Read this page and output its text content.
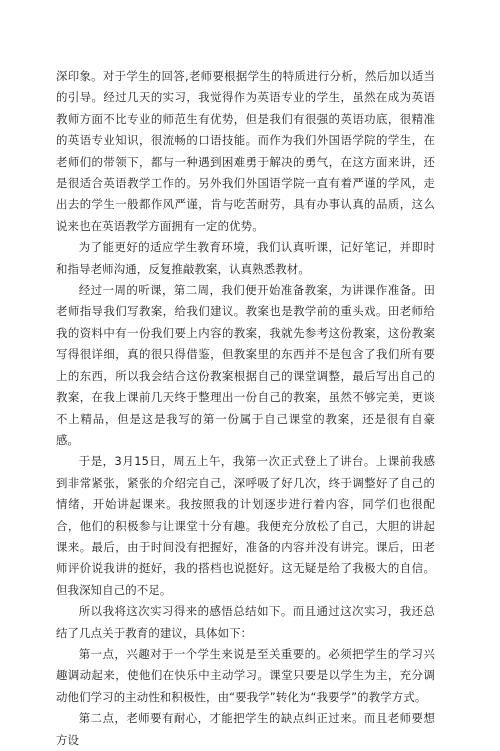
深印象。对于学生的回答,老师要根据学生的特质进行分析，然后加以适当的引导。经过几天的实习，我觉得作为英语专业的学生，虽然在成为英语教师方面不比专业的师范生有优势，但是我们有很强的英语功底，很精准的英语专业知识，很流畅的口语技能。而作为我们外国语学院的学生，在老师们的带领下，都与一种遇到困难勇于解决的勇气，在这方面来讲，还是很适合英语教学工作的。另外我们外国语学院一直有着严谨的学风，走出去的学生一般都作风严谨，肯与吃苦耐劳，具有办事认真的品质，这么说来也在英语教学方面拥有一定的优势。

为了能更好的适应学生教育环境，我们认真听课，记好笔记，并即时和指导老师沟通，反复推敲教案，认真熟悉教材。

经过一周的听课，第二周，我们便开始准备教案，为讲课作准备。田老师指导我们写教案，给我们建议。教案也是教学前的重头戏。田老师给我的资料中有一份我们要上内容的教案，我就先参考这份教案，这份教案写得很详细，真的很只得借鉴，但教案里的东西并不是包含了我们所有要上的东西，所以我会结合这份教案根据自己的课堂调整，最后写出自己的教案，在我上课前几天终于整理出一份自己的教案，虽然不够完美，更谈不上精品，但是这是我写的第一份属于自己课堂的教案，还是很有自豪感。

于是，3月15日，周五上午，我第一次正式登上了讲台。上课前我感到非常紧张，紧张的介绍完自己，深呼吸了好几次，终于调整好了自己的情绪，开始讲起课来。我按照我的计划逐步进行着内容，同学们也很配合，他们的积极参与让课堂十分有趣。我便充分放松了自己，大胆的讲起课来。最后，由于时间没有把握好，准备的内容并没有讲完。课后，田老师评价说我讲的挺好，我的搭档也说挺好。这无疑是给了我极大的自信。但我深知自己的不足。

所以我将这次实习得来的感悟总结如下。而且通过这次实习，我还总结了几点关于教育的建议，具体如下：

第一点，兴趣对于一个学生来说是至关重要的。必须把学生的学习兴趣调动起来，使他们在快乐中主动学习。课堂只要是以学生为主，充分调动他们学习的主动性和积极性，由“要我学”转化为“我要学”的教学方式。

第二点，老师要有耐心，才能把学生的缺点纠正过来。而且老师要想方设
